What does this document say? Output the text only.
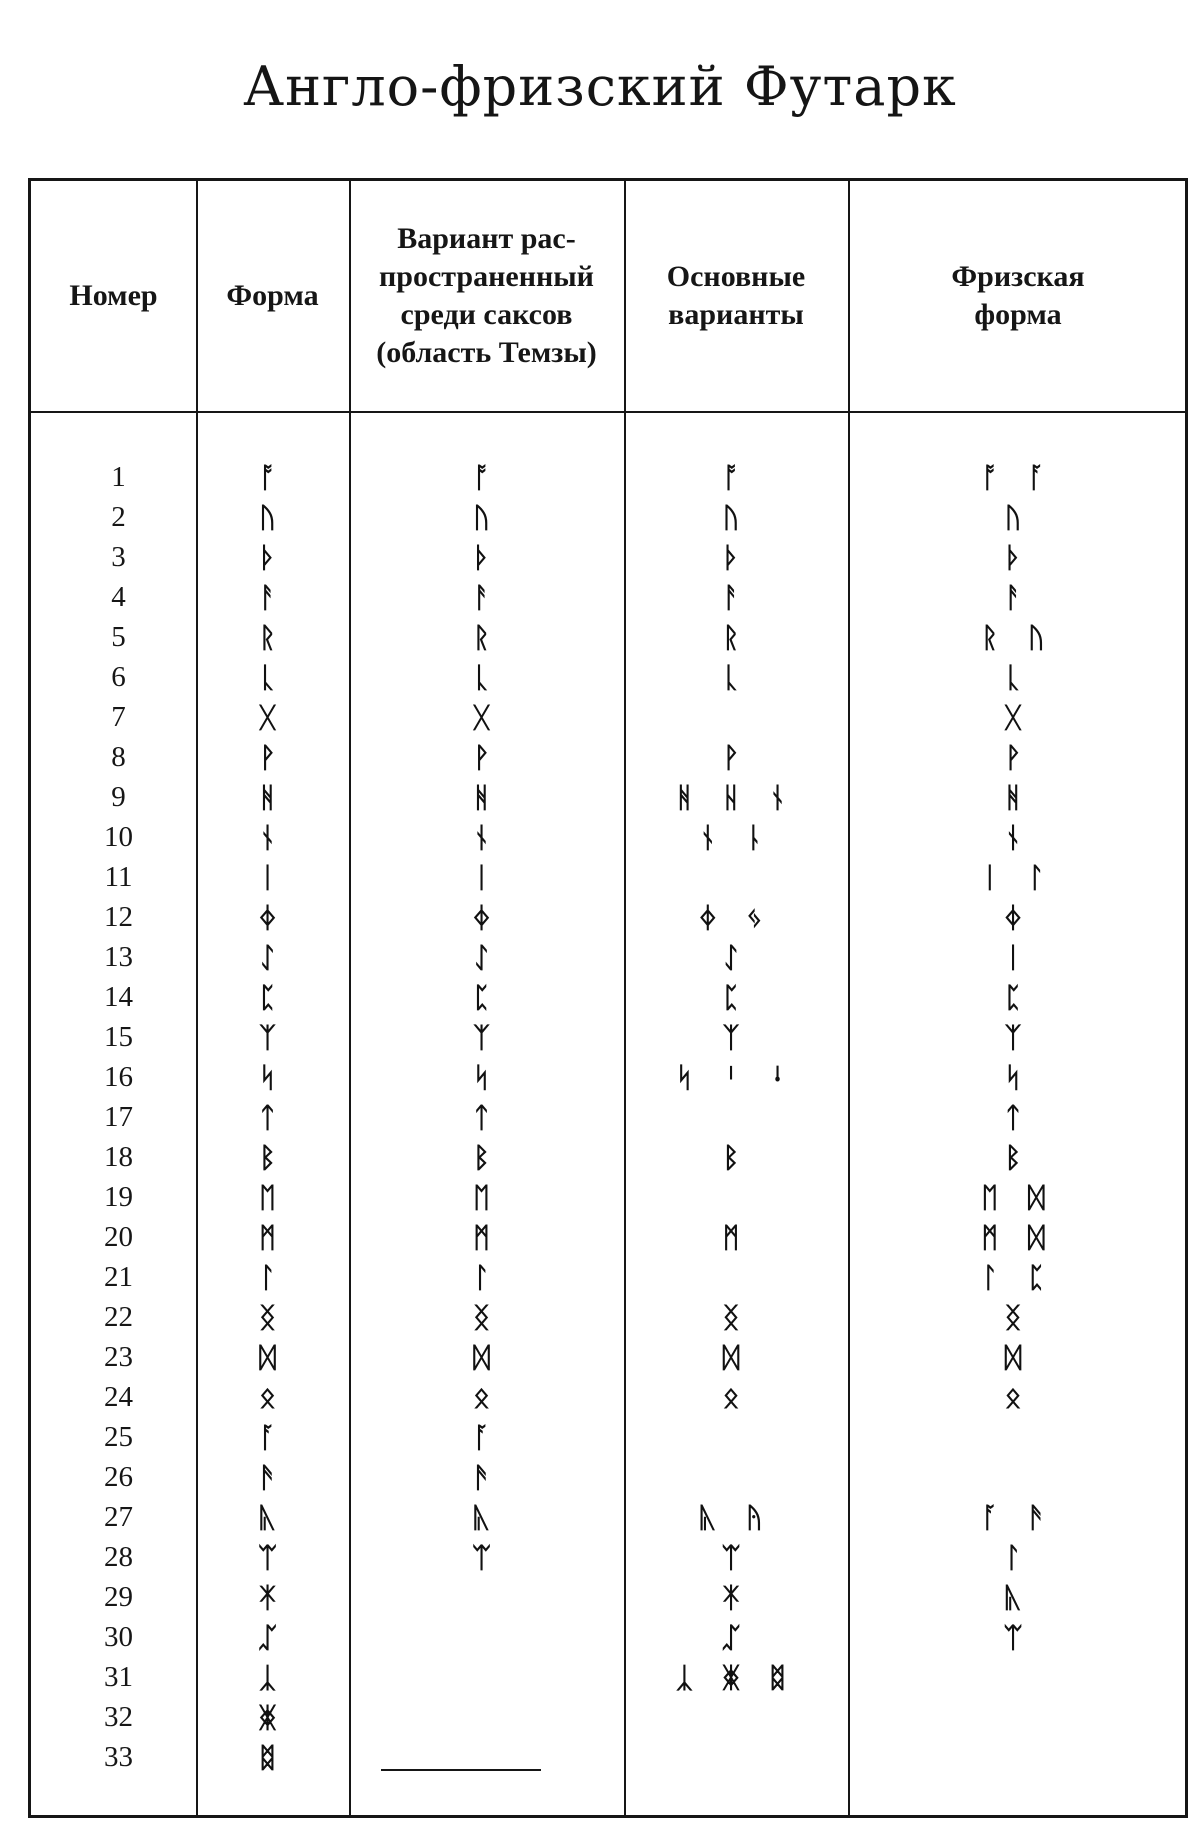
Англо-фризский Футарк
Номер	Форма
Вариант рас-
пространенный
среди саксов
(область Темзы)
Основные
варианты
Фризская
форма
1
2
3
4
5
6
7
8
9
10
11
12
13
14
15
16
17
18
19
20
21
22
23
24
25
26
27
28
29
30
31
32
33
ᚩ
ᚢ
ᚦ
ᚨ
ᚱ
ᚳ
ᚷ
ᚹ
ᚻ
ᚾ
ᛁ
ᛄ
ᛇ
ᛈ
ᛉ
ᛋ
ᛏ
ᛒ
ᛖ
ᛗ
ᛚ
ᛝ
ᛞ
ᛟ
ᚪ
ᚫ
ᚣ
ᛠ
ᛡ
ᛢ
ᛣ
ᛤ
ᛥ
ᚩ
ᚢ
ᚦ
ᚨ
ᚱ
ᚳ
ᚷ
ᚹ
ᚻ
ᚾ
ᛁ
ᛄ
ᛇ
ᛈ
ᛉ
ᛋ
ᛏ
ᛒ
ᛖ
ᛗ
ᛚ
ᛝ
ᛞ
ᛟ
ᚪ
ᚫ
ᚣ
ᛠ
ᚩ
ᚢ
ᚦ
ᚨ
ᚱ
ᚳ
ᚹ
ᚻ ᚺ ᚾ
ᚾ ᚿ
ᛄ ᛃ
ᛇ
ᛈ
ᛉ
ᛋ ᛌ ᛍ
ᛒ
ᛗ
ᛝ
ᛞ
ᛟ
ᚣ ᚤ
ᛠ
ᛡ
ᛢ
ᛣ ᛤ ᛥ
ᚩ ᚪ
ᚢ
ᚦ
ᚨ
ᚱ ᚢ
ᚳ
ᚷ
ᚹ
ᚻ
ᚾ
ᛁ ᛚ
ᛄ
ᛁ
ᛈ
ᛉ
ᛋ
ᛏ
ᛒ
ᛖ ᛞ
ᛗ ᛞ
ᛚ ᛈ
ᛝ
ᛞ
ᛟ
ᚪ ᚫ
ᛚ
ᚣ
ᛠ
